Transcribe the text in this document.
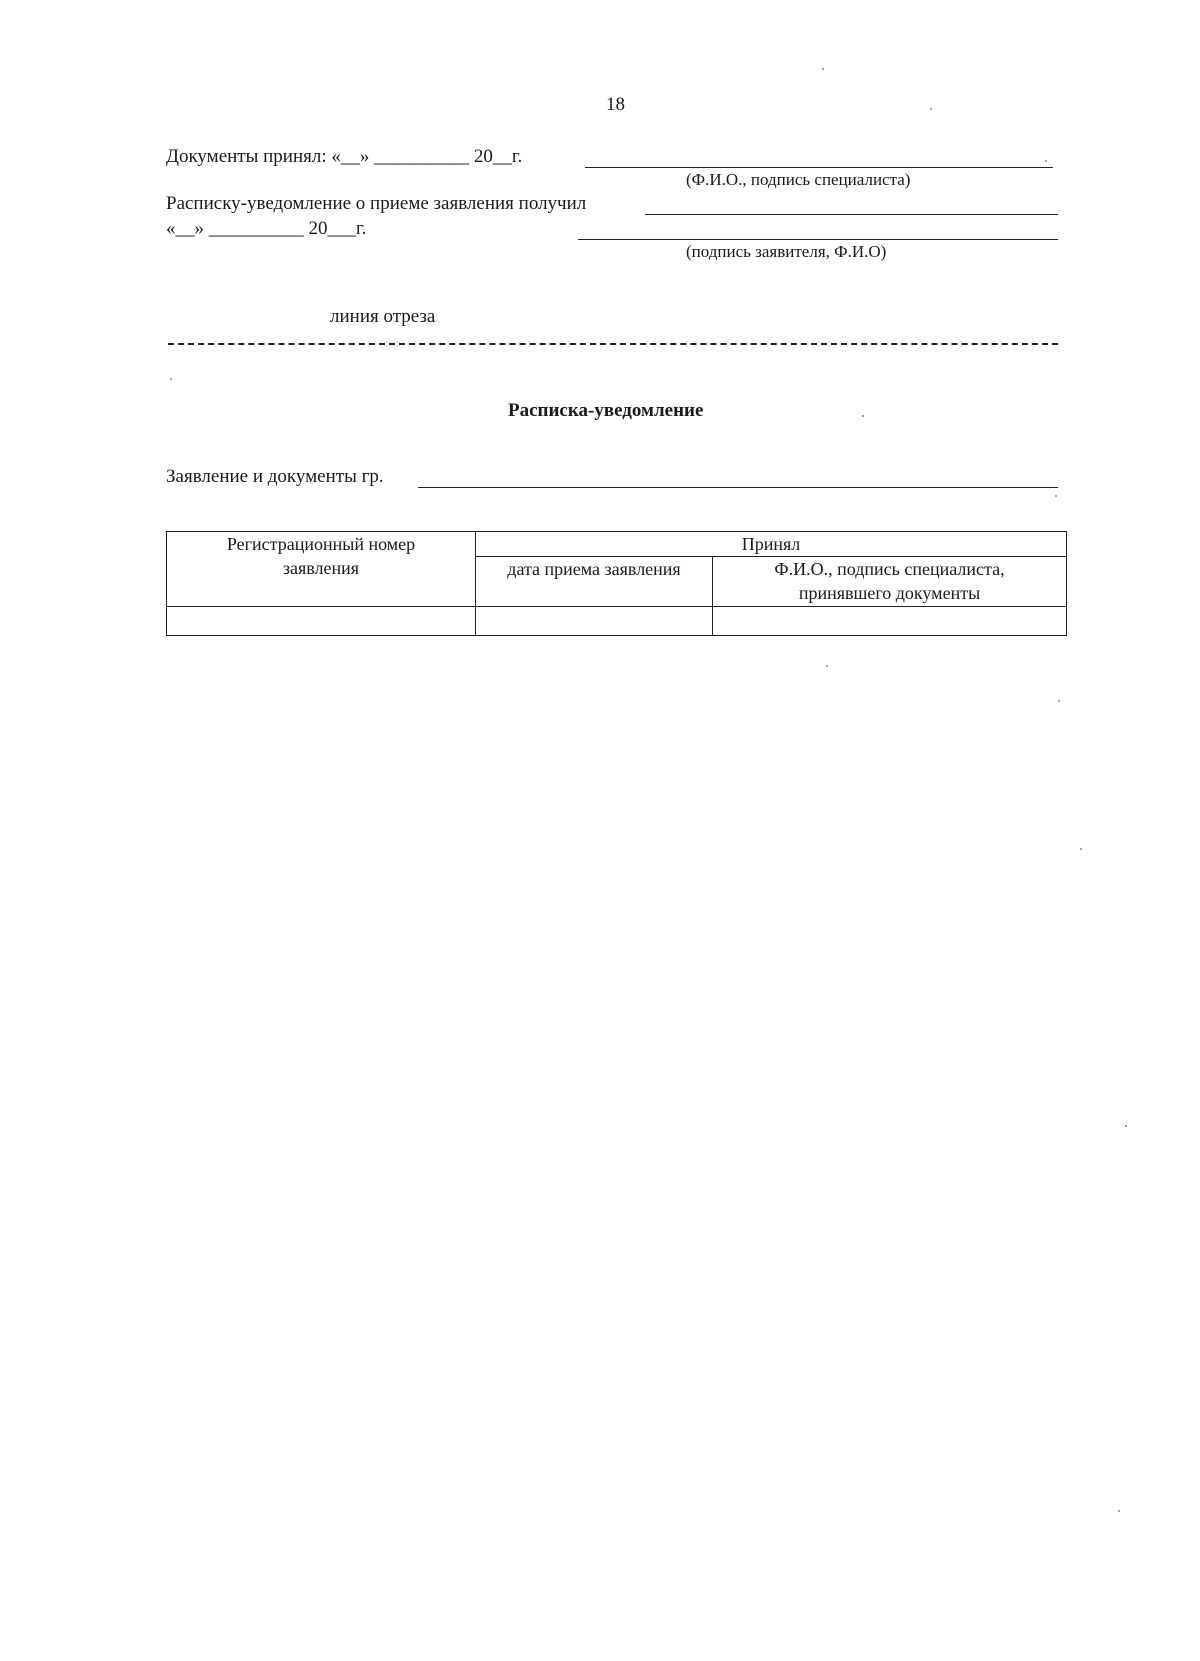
18
Документы принял: «__» __________ 20__г.
(Ф.И.О., подпись специалиста)
Расписку-уведомление о приеме заявления получил
«__» __________ 20___г.
(подпись заявителя, Ф.И.О)
линия отреза
Расписка-уведомление
Заявление и документы гр.
Регистрационный номер заявления	Принял	
	дата приема заявления	Ф.И.О., подпись специалиста, принявшего документы
